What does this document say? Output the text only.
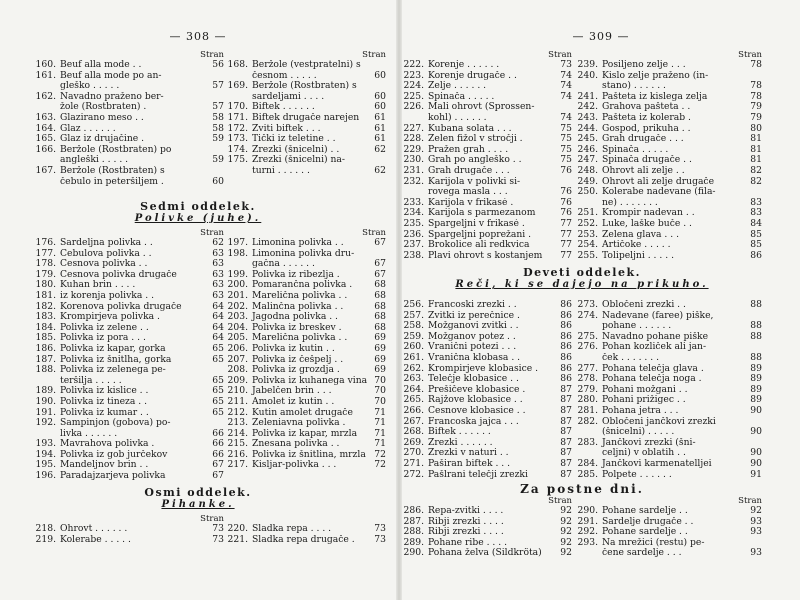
— 308 —
Stran
160. Beuf alla mode . .	56
161. Beuf alla mode po an-
gleško . . . . .	57
162. Navadno praženo ber-
žole (Rostbraten) .	57
163. Glazirano meso . .	58
164. Glaz . . . . . .	58
165. Glaz iz drujačine .	59
166. Beržole (Rostbraten) po
angleški . . . . .	59
167. Beržole (Rostbraten) s
čebulo in peteršiljem .	60
Stran
168. Beržole (vestpratelni) s
česnom . . . . .	60
169. Beržole (Rostbraten) s
sardeljami . . . .	60
170. Biftek . . . . . .	60
171. Biftek drugače narejen 61
172. Zviti biftek . . .	61
173. Tički iz teletine . .	61
174. Zrezki (šnicelni) . .	62
175. Zrezki (šnicelni) na-
turni . . . . . .	62
Sedmi oddelek.
Polivke (juhe).
Stran
176. Sardeljna polivka . .	62
177. Čebulova polivka . .	63
178. Česnova polivka . .	63
179. Česnova polivka drugače	63
180. Kuhan brin . . . .	63
181. iz korenja polivka . .	63
182. Korenova polivka drugače	64
183. Krompirjeva polivka .	64
184. Polivka iz zelene . .	64
185. Polivka iz pora . . .	64
186. Polivka iz kapar, gorka	65
187. Polivka iz šnitlha, gorka	65
188. Polivka iz zelenega pe-
teršilja . . . . .	65
189. Polivka iz kislice . .	65
190. Polivka iz tineza . .	65
191. Polivka iz kumar . .	65
192. Sampinjon (gobova) po-
livka . . . . . .	66
193. Mavrahova polivka .	66
194. Polivka iz gob jurčekov	66
195. Mandeljnov brin . .	67
196. Paradajzarjeva polivka	67
Stran
197. Limonina polivka . .	67
198. Limonina polivka dru-
gačna . . . . . .	67
199. Polivka iz ribezlja .	67
200. Pomarančna polivka . 68
201. Marelična polivka . .	68
202. Malinčna polivka . .	68
203. Jagodna polivka . .	68
204. Polivka iz breskev .	68
205. Marelična polivka . .	69
206. Polivka iz kutin . .	69
207. Polivka iz češpelj . .	69
208. Polivka iz grozdja .	69
209. Polivka iz kuhanega vina 70
210. Jabelčen brin . . .	70
211. Amolet iz kutin . .	70
212. Kutin amolet drugače 71
213. Zeleniavna polivka .	71
214. Polivka iz kapar, mrzla 71
215. Žnesana polivka . .	71
216. Polivka iz šnitlina, mrzla 72
217. Kisljar-polivka . . .	72
Osmi oddelek.
Pihanke.
Stran
218. Ohrovt . . . . . .	73
219. Kolerabe . . . . .	73
220. Sladka repa . . . .	73
221. Sladka repa drugače . 73
— 309 —
Stran
222. Korenje . . . . . .	73
223. Korenje drugače . .	74
224. Zelje . . . . . .	74
225. Špinača . . . . .	74
226. Mali ohrovt (Sprossen-
kohl) . . . . . .	74
227. Kubana solata . . .	75
228. Zelen fižol v stročji .	75
229. Pražen grah . . . .	75
230. Grah po angleško . .	75
231. Grah drugače . . .	76
232. Karijola v polivki si-
rovega masla . . .	76
233. Karijola v frikasé .	76
234. Karijola s parmezanom	76
235. Špargeljni v frikasé .	77
236. Špargeljni poprežani .	77
237. Brokolice ali redkvica	77
238. Plavi ohrovt s kostanjem 77
Stran
239. Posiljeno zelje . . .	78
240. Kislo zelje praženo (in-
stano) . . . . . .	78
241. Pašteta iz kislega zelja	78
242. Grahova pašteta . .	79
243. Pašteta iz kolerab .	79
244. Gospod, prikuha . .	80
245. Grah drugače . . .	81
246. Špinača . . . . .	81
247. Špinača drugače . .	81
248. Ohrovt ali zelje . .	82
249. Ohrovt ali zelje drugače	82
250. Kolerabe nadevane (fila-
ne) . . . . . . .	83
251. Krompir nadevan . .	83
252. Luke, laške buče . .	84
253. Zelena glava . . .	85
254. Artičoke . . . . .	85
255. Tolipeljni . . . . .	86
Deveti oddelek.
Reči, ki se dajejo na prikuho.
256. Francoski zrezki . .	86
257. Zvitki iz perečnice .	86
258. Možganovi zvitki . .	86
259. Možganov potez . .	86
260. Vranični potezi . . .	86
261. Vranična klobasa . .	86
262. Krompirjeve klobasice . 86
263. Telečje klobasice . .	86
264. Prešičeve klobasice .	87
265. Rajžove klobasice . .	87
266. Česnove klobasice . .	87
267. Francoska jajca . . .	87
268. Biftek . . . . . .	87
269. Zrezki . . . . . .	87
270. Zrezki v naturi . .	87
271. Paširan biftek . . .	87
272. Pašlrani telečji zrezki	87
273. Obločeni zrezki . .	88
274. Nadevane (faree) piške,
pohane . . . . . .	88
275. Navadno pohane piške	88
276. Pohan kozliček ali jan-
ček . . . . . . .	88
277. Pohana telečja glava .	89
278. Pohana telečja noga .	89
279. Pohani možgani . .	89
280. Pohani prižigec . .	89
281. Pohana jetra . . .	90
282. Obločeni jančkovi zrezki
(šnicelni) . . . . .	90
283. Jančkovi zrezki (šni-
celjni) v oblatih . .	90
284. Jančkovi karmenatelljei	90
285. Polpete . . . . . .	91
Za postne dni.
Stran
286. Repa-zvitki . . . .	92
287. Ribji zrezki . . . .	92
288. Ribji zrezki . . . .	92
289. Pohane ribe . . . .	92
290. Pohana želva (Sildkröta) 92
Stran
290. Pohane sardelje . .	92
291. Sardelje drugače . .	93
292. Pohane sardelje . .	93
293. Na mrežici (restu) pe-
čene sardelje . . .	93
